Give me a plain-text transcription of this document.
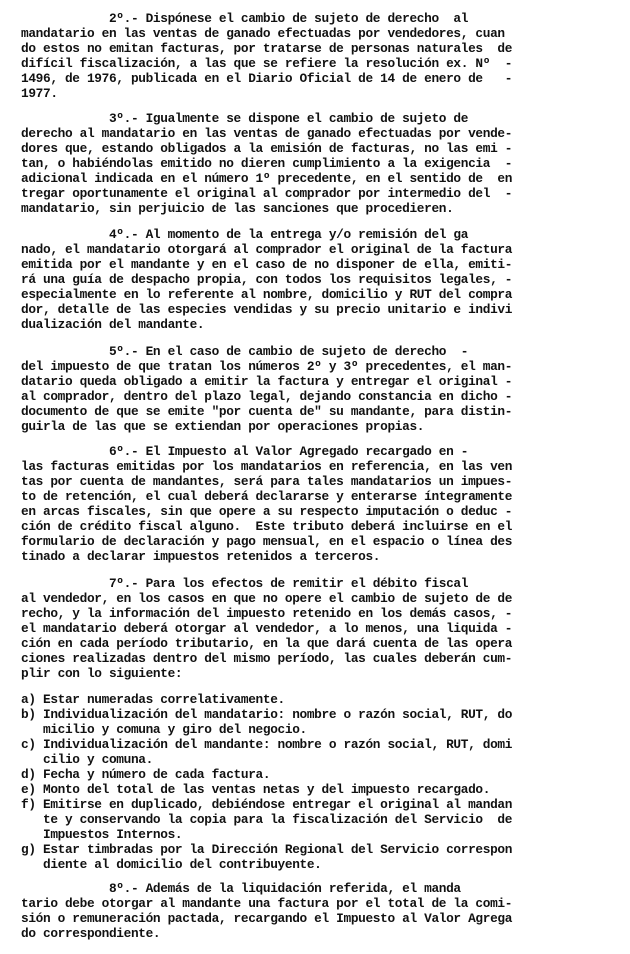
2º.- Dispónese el cambio de sujeto de derecho  al
mandatario en las ventas de ganado efectuadas por vendedores, cuan
do estos no emitan facturas, por tratarse de personas naturales  de
difícil fiscalización, a las que se refiere la resolución ex. Nº  -
1496, de 1976, publicada en el Diario Oficial de 14 de enero de   -
1977.
3º.- Igualmente se dispone el cambio de sujeto de
derecho al mandatario en las ventas de ganado efectuadas por vende-
dores que, estando obligados a la emisión de facturas, no las emi -
tan, o habiéndolas emitido no dieren cumplimiento a la exigencia  -
adicional indicada en el número 1º precedente, en el sentido de  en
tregar oportunamente el original al comprador por intermedio del  -
mandatario, sin perjuicio de las sanciones que procedieren.
4º.- Al momento de la entrega y/o remisión del ga
nado, el mandatario otorgará al comprador el original de la factura
emitida por el mandante y en el caso de no disponer de ella, emiti-
rá una guía de despacho propia, con todos los requisitos legales, -
especialmente en lo referente al nombre, domicilio y RUT del compra
dor, detalle de las especies vendidas y su precio unitario e indivi
dualización del mandante.
5º.- En el caso de cambio de sujeto de derecho  -
del impuesto de que tratan los números 2º y 3º precedentes, el man-
datario queda obligado a emitir la factura y entregar el original -
al comprador, dentro del plazo legal, dejando constancia en dicho -
documento de que se emite "por cuenta de" su mandante, para distin-
guirla de las que se extiendan por operaciones propias.
6º.- El Impuesto al Valor Agregado recargado en -
las facturas emitidas por los mandatarios en referencia, en las ven
tas por cuenta de mandantes, será para tales mandatarios un impues-
to de retención, el cual deberá declararse y enterarse íntegramente
en arcas fiscales, sin que opere a su respecto imputación o deduc -
ción de crédito fiscal alguno.  Este tributo deberá incluirse en el
formulario de declaración y pago mensual, en el espacio o línea des
tinado a declarar impuestos retenidos a terceros.
7º.- Para los efectos de remitir el débito fiscal
al vendedor, en los casos en que no opere el cambio de sujeto de de
recho, y la información del impuesto retenido en los demás casos, -
el mandatario deberá otorgar al vendedor, a lo menos, una liquida -
ción en cada período tributario, en la que dará cuenta de las opera
ciones realizadas dentro del mismo período, las cuales deberán cum-
plir con lo siguiente:
a) Estar numeradas correlativamente.
b) Individualización del mandatario: nombre o razón social, RUT, do
micilio y comuna y giro del negocio.
c) Individualización del mandante: nombre o razón social, RUT, domi
cilio y comuna.
d) Fecha y número de cada factura.
e) Monto del total de las ventas netas y del impuesto recargado.
f) Emitirse en duplicado, debiéndose entregar el original al mandan
te y conservando la copia para la fiscalización del Servicio  de
Impuestos Internos.
g) Estar timbradas por la Dirección Regional del Servicio correspon
diente al domicilio del contribuyente.
8º.- Además de la liquidación referida, el manda
tario debe otorgar al mandante una factura por el total de la comi-
sión o remuneración pactada, recargando el Impuesto al Valor Agrega
do correspondiente.
